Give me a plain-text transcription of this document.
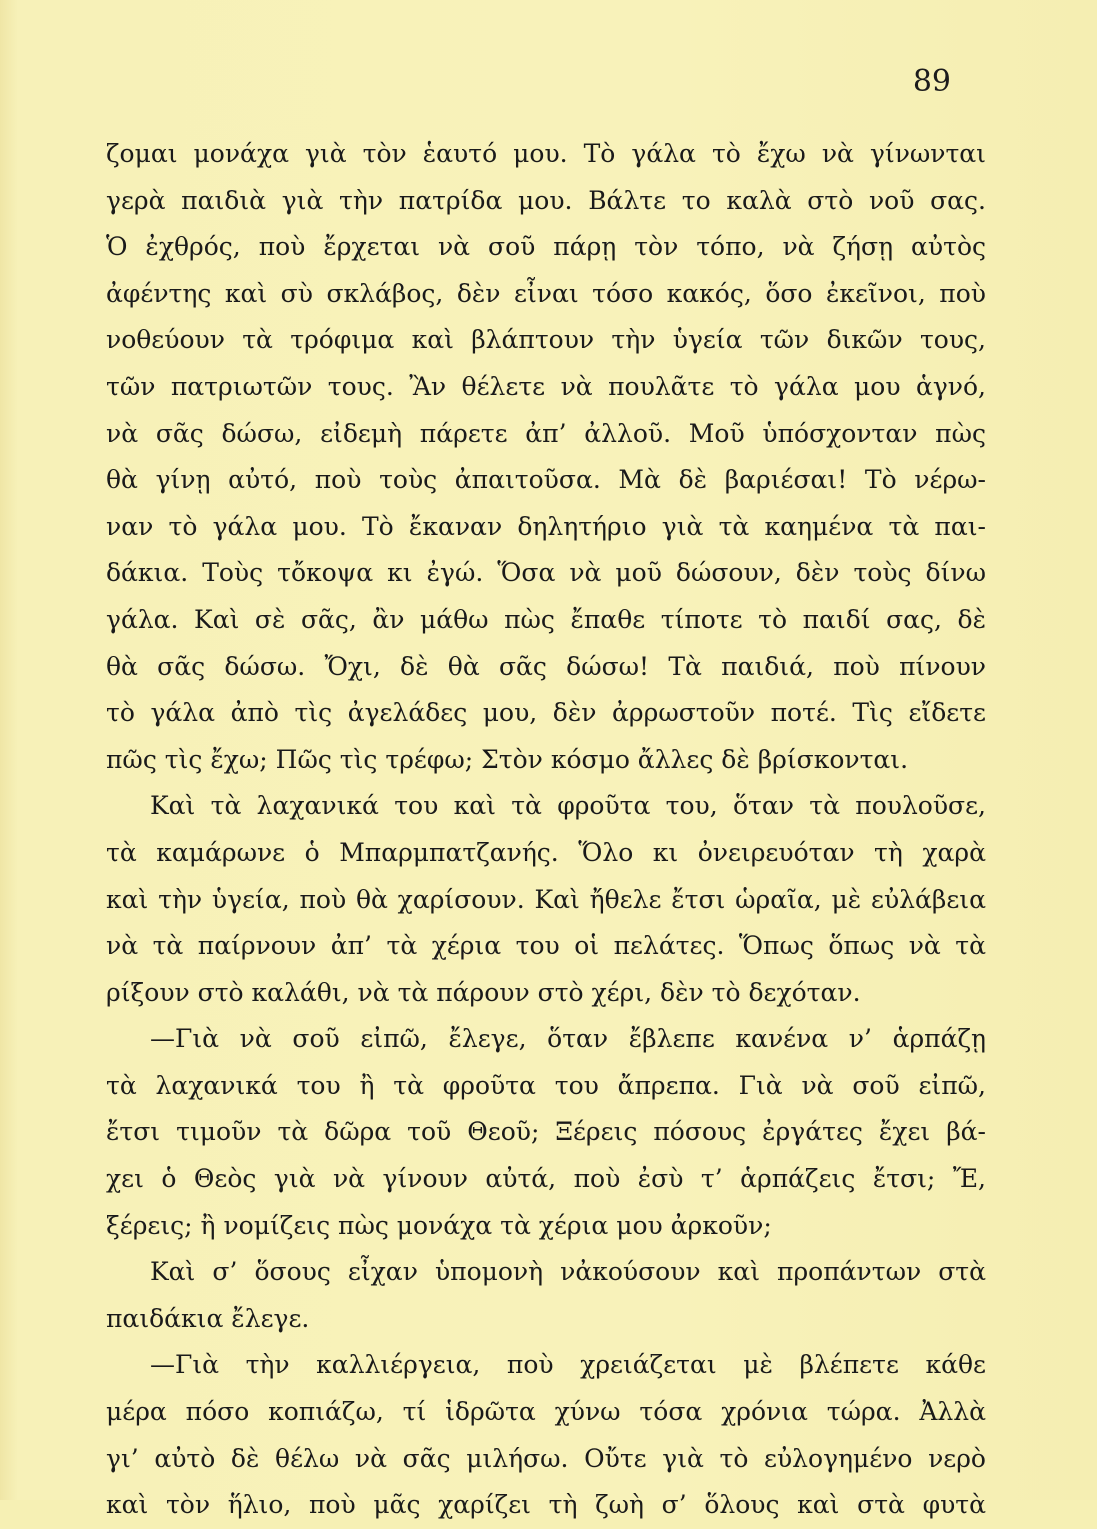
89
ζομαι μονάχα γιὰ τὸν ἑαυτό μου. Τὸ γάλα τὸ ἔχω νὰ γίνωνται
γερὰ παιδιὰ γιὰ τὴν πατρίδα μου. Βάλτε το καλὰ στὸ νοῦ σας.
Ὁ ἐχθρός, ποὺ ἔρχεται νὰ σοῦ πάρῃ τὸν τόπο, νὰ ζήσῃ αὐτὸς
ἀφέντης καὶ σὺ σκλάβος, δὲν εἶναι τόσο κακός, ὅσο ἐκεῖνοι, ποὺ
νοθεύουν τὰ τρόφιμα καὶ βλάπτουν τὴν ὑγεία τῶν δικῶν τους,
τῶν πατριωτῶν τους. Ἂν θέλετε νὰ πουλᾶτε τὸ γάλα μου ἁγνό,
νὰ σᾶς δώσω, εἰδεμὴ πάρετε ἀπ’ ἀλλοῦ. Μοῦ ὑπόσχονταν πὼς
θὰ γίνῃ αὐτό, ποὺ τοὺς ἀπαιτοῦσα. Μὰ δὲ βαριέσαι! Τὸ νέρω-
ναν τὸ γάλα μου. Τὸ ἔκαναν δηλητήριο γιὰ τὰ καημένα τὰ παι-
δάκια. Τοὺς τὄκοψα κι ἐγώ. Ὅσα νὰ μοῦ δώσουν, δὲν τοὺς δίνω
γάλα. Καὶ σὲ σᾶς, ἂν μάθω πὼς ἔπαθε τίποτε τὸ παιδί σας, δὲ
θὰ σᾶς δώσω. Ὄχι, δὲ θὰ σᾶς δώσω! Τὰ παιδιά, ποὺ πίνουν
τὸ γάλα ἀπὸ τὶς ἀγελάδες μου, δὲν ἀρρωστοῦν ποτέ. Τὶς εἴδετε
πῶς τὶς ἔχω; Πῶς τὶς τρέφω; Στὸν κόσμο ἄλλες δὲ βρίσκονται.
Καὶ τὰ λαχανικά του καὶ τὰ φροῦτα του, ὅταν τὰ πουλοῦσε,
τὰ καμάρωνε ὁ Μπαρμπατζανής. Ὅλο κι ὀνειρευόταν τὴ χαρὰ
καὶ τὴν ὑγεία, ποὺ θὰ χαρίσουν. Καὶ ἤθελε ἔτσι ὡραῖα, μὲ εὐλάβεια
νὰ τὰ παίρνουν ἀπ’ τὰ χέρια του οἱ πελάτες. Ὅπως ὅπως νὰ τὰ
ρίξουν στὸ καλάθι, νὰ τὰ πάρουν στὸ χέρι, δὲν τὸ δεχόταν.
—Γιὰ νὰ σοῦ εἰπῶ, ἔλεγε, ὅταν ἔβλεπε κανένα ν’ ἁρπάζῃ
τὰ λαχανικά του ἢ τὰ φροῦτα του ἄπρεπα. Γιὰ νὰ σοῦ εἰπῶ,
ἔτσι τιμοῦν τὰ δῶρα τοῦ Θεοῦ; Ξέρεις πόσους ἐργάτες ἔχει βά-
χει ὁ Θεὸς γιὰ νὰ γίνουν αὐτά, ποὺ ἐσὺ τ’ ἁρπάζεις ἔτσι; Ἔ,
ξέρεις; ἢ νομίζεις πὼς μονάχα τὰ χέρια μου ἀρκοῦν;
Καὶ σ’ ὅσους εἶχαν ὑπομονὴ νἀκούσουν καὶ προπάντων στὰ
παιδάκια ἔλεγε.
—Γιὰ τὴν καλλιέργεια, ποὺ χρειάζεται μὲ βλέπετε κάθε
μέρα πόσο κοπιάζω, τί ἱδρῶτα χύνω τόσα χρόνια τώρα. Ἀλλὰ
γι’ αὐτὸ δὲ θέλω νὰ σᾶς μιλήσω. Οὔτε γιὰ τὸ εὐλογημένο νερὸ
καὶ τὸν ἥλιο, ποὺ μᾶς χαρίζει τὴ ζωὴ σ’ ὅλους καὶ στὰ φυτὰ
